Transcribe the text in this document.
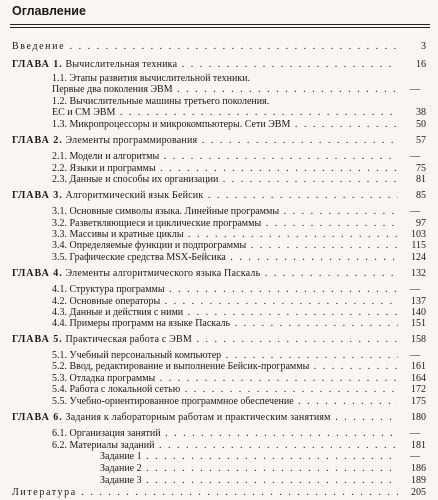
Оглавление
Введение . . .	3
ГЛАВА 1. Вычислительная техника . . .	16
1.1. Этапы развития вычислительной техники.
Первые два поколения ЭВМ . . .	—
1.2. Вычислительные машины третьего поколения.
ЕС и СМ ЭВМ . . .	38
1.3. Микропроцессоры и микрокомпьютеры. Сети ЭВМ . . .	50
ГЛАВА 2. Элементы программирования . . .	57
2.1. Модели и алгоритмы . . .	—
2.2. Языки и программы . . .	75
2.3. Данные и способы их организации . . .	81
ГЛАВА 3. Алгоритмический язык Бейсик . . .	85
3.1. Основные символы языка. Линейные программы . . .	—
3.2. Разветвляющиеся и циклические программы . . .	97
3.3. Массивы и кратные циклы . . .	103
3.4. Определяемые функции и подпрограммы . . .	115
3.5. Графические средства MSX-Бейсика . . .	124
ГЛАВА 4. Элементы алгоритмического языка Паскаль . . .	132
4.1. Структура программы . . .	—
4.2. Основные операторы . . .	137
4.3. Данные и действия с ними . . .	140
4.4. Примеры программ на языке Паскаль . . .	151
ГЛАВА 5. Практическая работа с ЭВМ . . .	158
5.1. Учебный персональный компьютер . . .	—
5.2. Ввод, редактирование и выполнение Бейсик-программы . . .	161
5.3. Отладка программы . . .	164
5.4. Работа с локальной сетью . . .	172
5.5. Учебно-ориентированное программное обеспечение . . .	175
ГЛАВА 6. Задания к лабораторным работам и практическим занятиям . . .	180
6.1. Организация занятий . . .	—
6.2. Материалы заданий . . .	181
Задание 1 . . .	—
Задание 2 . . .	186
Задание 3 . . .	189
Литература . . .	205
